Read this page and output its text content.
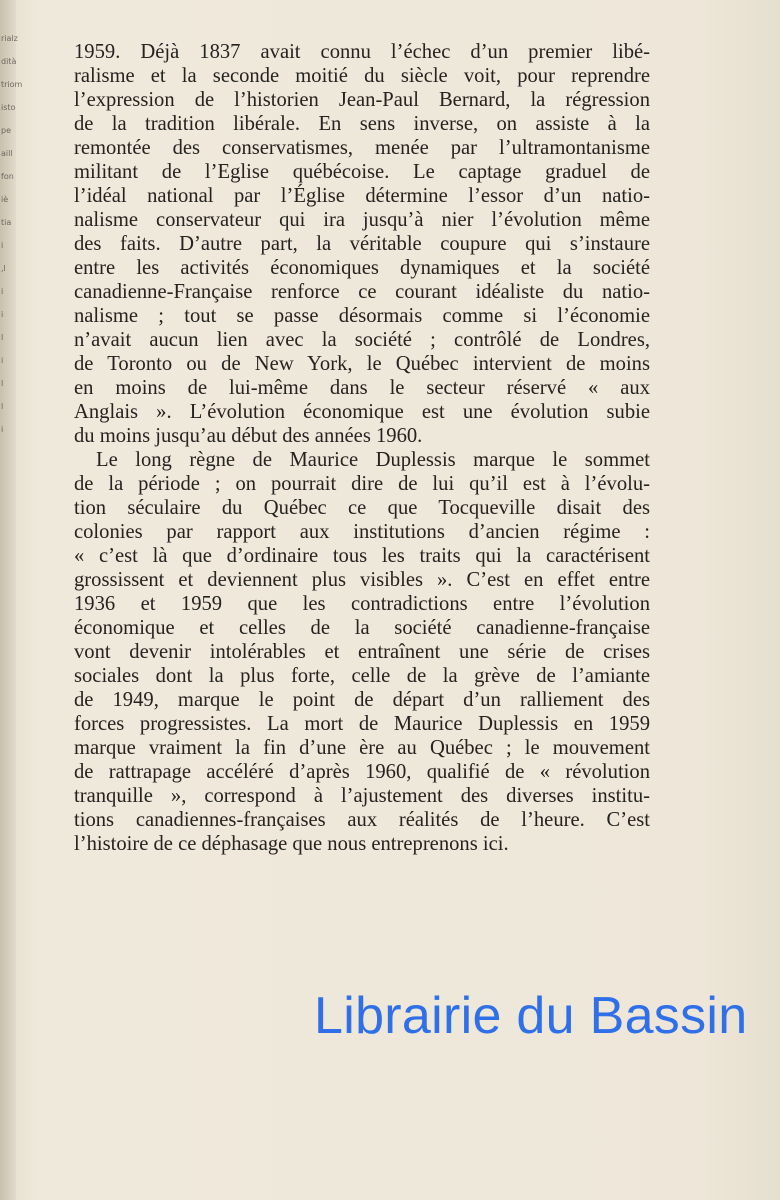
rialz
dità
triom
isto
pe
aill
fon
iè
tia
i
,l
i
i
l
i
l
l
i
1959. Déjà 1837 avait connu l’échec d’un premier libé-
ralisme et la seconde moitié du siècle voit, pour reprendre
l’expression de l’historien Jean-Paul Bernard, la régression
de la tradition libérale. En sens inverse, on assiste à la
remontée des conservatismes, menée par l’ultramontanisme
militant de l’Eglise québécoise. Le captage graduel de
l’idéal national par l’Église détermine l’essor d’un natio-
nalisme conservateur qui ira jusqu’à nier l’évolution même
des faits. D’autre part, la véritable coupure qui s’instaure
entre les activités économiques dynamiques et la société
canadienne-Française renforce ce courant idéaliste du natio-
nalisme ; tout se passe désormais comme si l’économie
n’avait aucun lien avec la société ; contrôlé de Londres,
de Toronto ou de New York, le Québec intervient de moins
en moins de lui-même dans le secteur réservé « aux
Anglais ». L’évolution économique est une évolution subie
du moins jusqu’au début des années 1960.
Le long règne de Maurice Duplessis marque le sommet
de la période ; on pourrait dire de lui qu’il est à l’évolu-
tion séculaire du Québec ce que Tocqueville disait des
colonies par rapport aux institutions d’ancien régime :
« c’est là que d’ordinaire tous les traits qui la caractérisent
grossissent et deviennent plus visibles ». C’est en effet entre
1936 et 1959 que les contradictions entre l’évolution
économique et celles de la société canadienne-française
vont devenir intolérables et entraînent une série de crises
sociales dont la plus forte, celle de la grève de l’amiante
de 1949, marque le point de départ d’un ralliement des
forces progressistes. La mort de Maurice Duplessis en 1959
marque vraiment la fin d’une ère au Québec ; le mouvement
de rattrapage accéléré d’après 1960, qualifié de « révolution
tranquille », correspond à l’ajustement des diverses institu-
tions canadiennes-françaises aux réalités de l’heure. C’est
l’histoire de ce déphasage que nous entreprenons ici.
Librairie du Bassin
